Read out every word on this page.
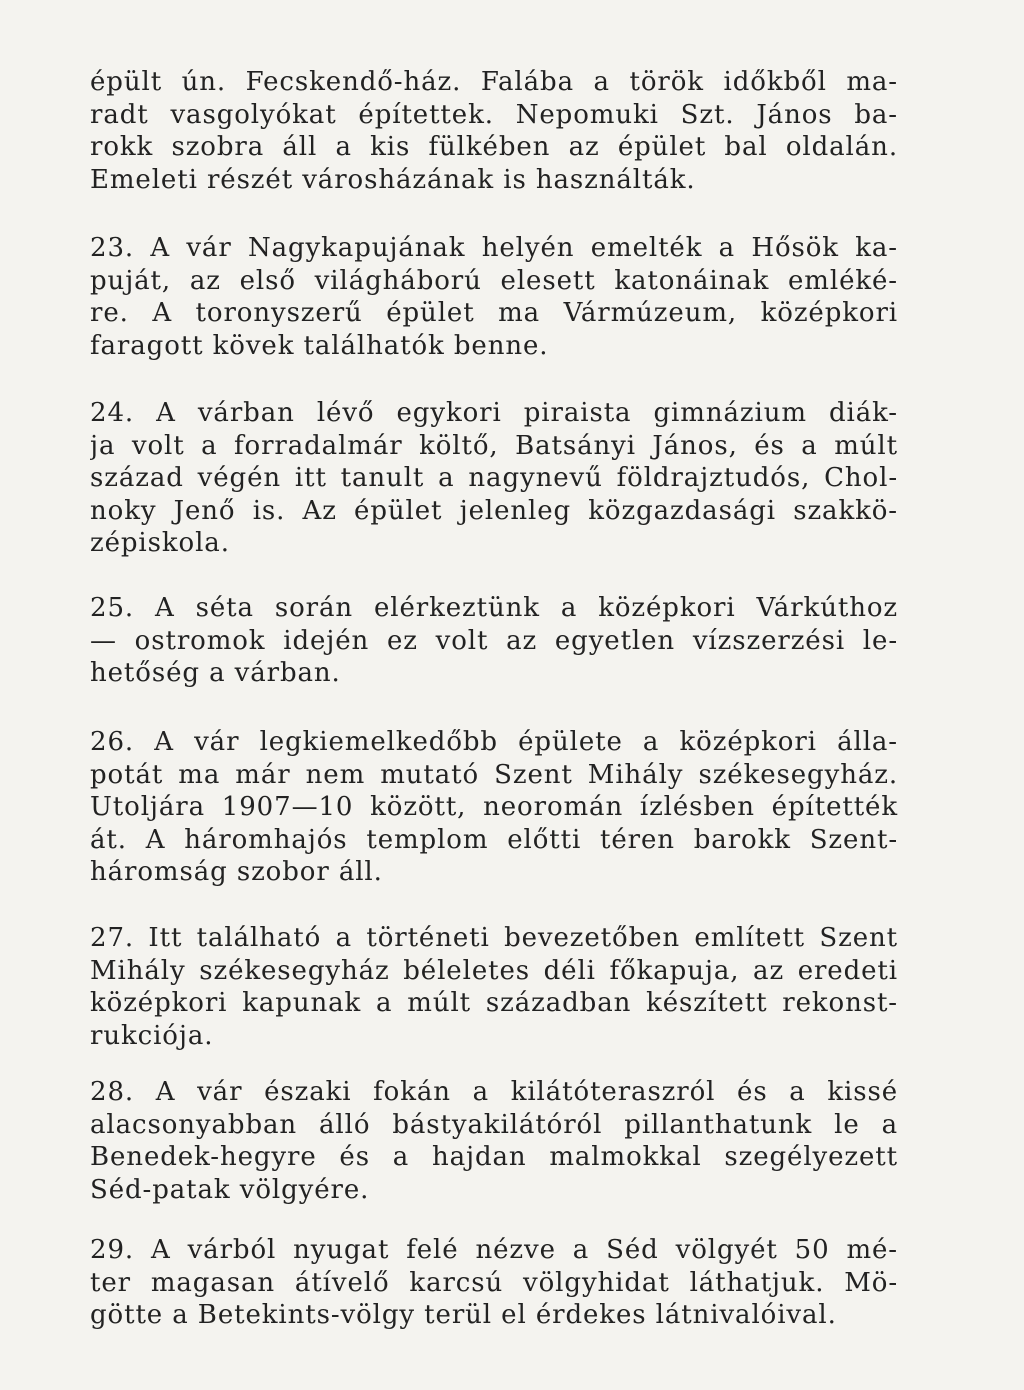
épült ún. Fecskendő-ház. Falába a török időkből ma-
radt vasgolyókat építettek. Nepomuki Szt. János ba-
rokk szobra áll a kis fülkében az épület bal oldalán.
Emeleti részét városházának is használták.
23. A vár Nagykapujának helyén emelték a Hősök ka-
puját, az első világháború elesett katonáinak emléké-
re. A toronyszerű épület ma Vármúzeum, középkori
faragott kövek találhatók benne.
24. A várban lévő egykori piraista gimnázium diák-
ja volt a forradalmár költő, Batsányi János, és a múlt
század végén itt tanult a nagynevű földrajztudós, Chol-
noky Jenő is. Az épület jelenleg közgazdasági szakkö-
zépiskola.
25. A séta során elérkeztünk a középkori Várkúthoz
— ostromok idején ez volt az egyetlen vízszerzési le-
hetőség a várban.
26. A vár legkiemelkedőbb épülete a középkori álla-
potát ma már nem mutató Szent Mihály székesegyház.
Utoljára 1907—10 között, neoromán ízlésben építették
át. A háromhajós templom előtti téren barokk Szent-
háromság szobor áll.
27. Itt található a történeti bevezetőben említett Szent
Mihály székesegyház béleletes déli főkapuja, az eredeti
középkori kapunak a múlt században készített rekonst-
rukciója.
28. A vár északi fokán a kilátóteraszról és a kissé
alacsonyabban álló bástyakilátóról pillanthatunk le a
Benedek-hegyre és a hajdan malmokkal szegélyezett
Séd-patak völgyére.
29. A várból nyugat felé nézve a Séd völgyét 50 mé-
ter magasan átívelő karcsú völgyhidat láthatjuk. Mö-
götte a Betekints-völgy terül el érdekes látnivalóival.
